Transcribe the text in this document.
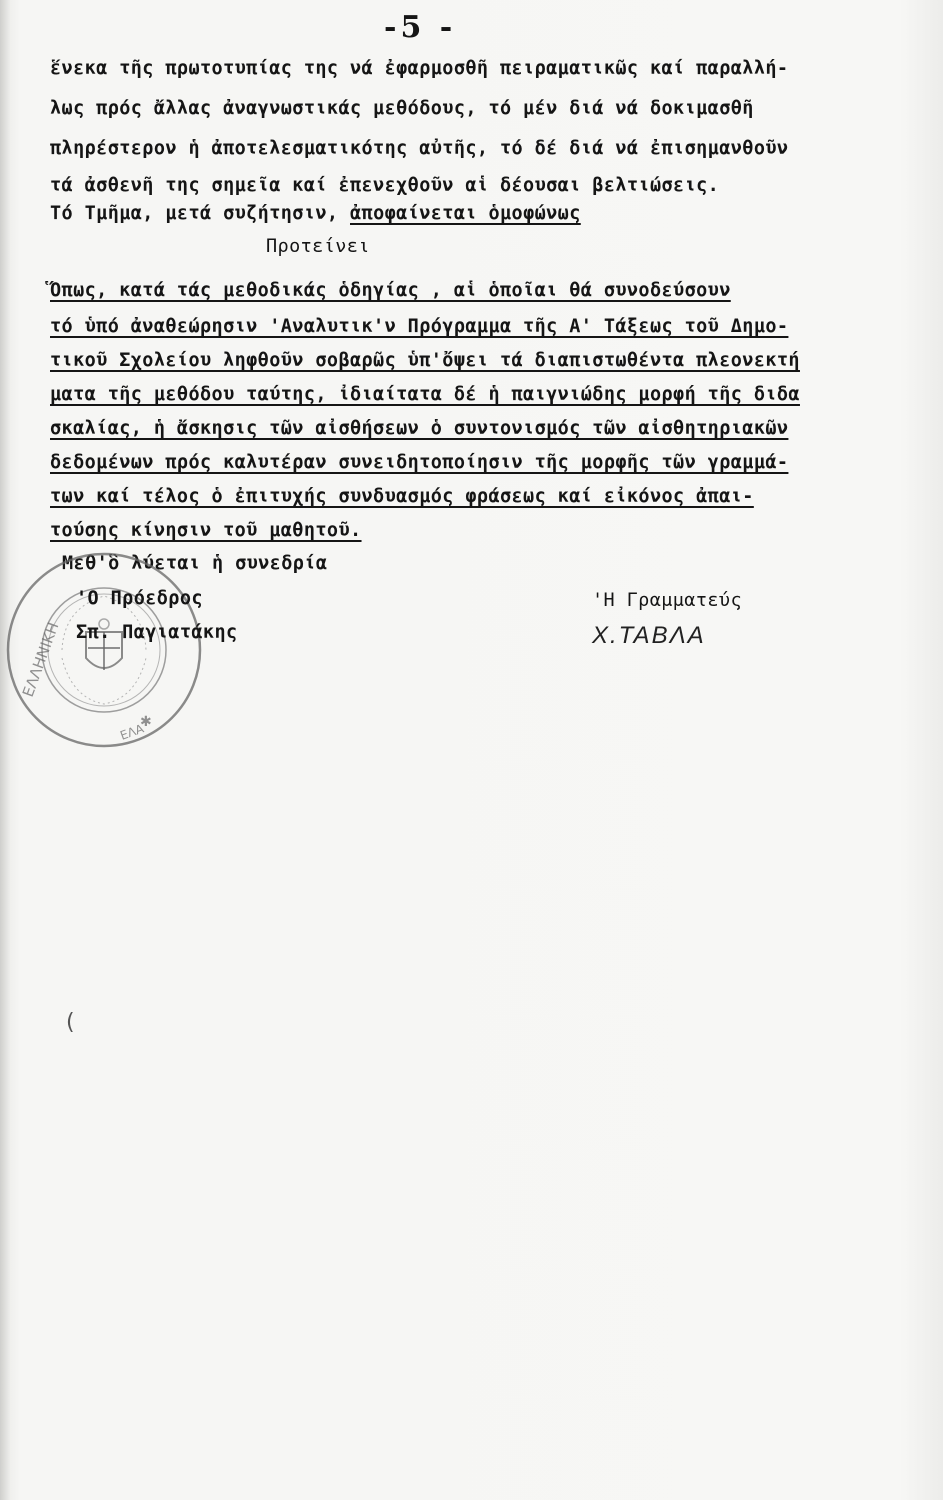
-5 -
ἕνεκα τῆς πρωτοτυπίας της νά ἐφαρμοσθῆ πειραματικῶς καί παραλλή-
λως πρός ἄλλας ἀναγνωστικάς μεθόδους, τό μέν διά νά δοκιμασθῆ
πληρέστερον ἡ ἀποτελεσματικότης αὐτῆς, τό δέ διά νά ἐπισημανθοῦν
τά ἀσθενῆ της σημεῖα καί ἐπενεχθοῦν αἱ δέουσαι βελτιώσεις.
Τό Τμῆμα, μετά συζήτησιν, ἀποφαίνεται ὁμοφώνως
Προτείνει
Ὅπως, κατά τάς μεθοδικάς ὁδηγίας , αἱ ὁποῖαι θά συνοδεύσουν
τό ὑπό ἀναθεώρησιν 'Αναλυτικ'ν Πρόγραμμα τῆς Α' Τάξεως τοῦ Δημο-
τικοῦ Σχολείου ληφθοῦν σοβαρῶς ὑπ'ὄψει τά διαπιστωθέντα πλεονεκτή
ματα τῆς μεθόδου ταύτης, ἰδιαίτατα δέ ἡ παιγνιώδης μορφή τῆς διδα
σκαλίας, ἡ ἄσκησις τῶν αἰσθήσεων ὁ συντονισμός τῶν αἰσθητηριακῶν
δεδομένων πρός καλυτέραν συνειδητοποίησιν τῆς μορφῆς τῶν γραμμά-
των καί τέλος ὁ ἐπιτυχής συνδυασμός φράσεως καί εἰκόνος ἀπαι-
τούσης κίνησιν τοῦ μαθητοῦ.
Μεθ'ὃ λύεται ἡ συνεδρία
ΕΛΛΗΝΙΚΗ
ΕΛΑ
✱
'Ο Πρόεδρος
Σπ. Παγιατάκης
'Η Γραμματεύς
Χ.ΤΑΒΛΑ
(
